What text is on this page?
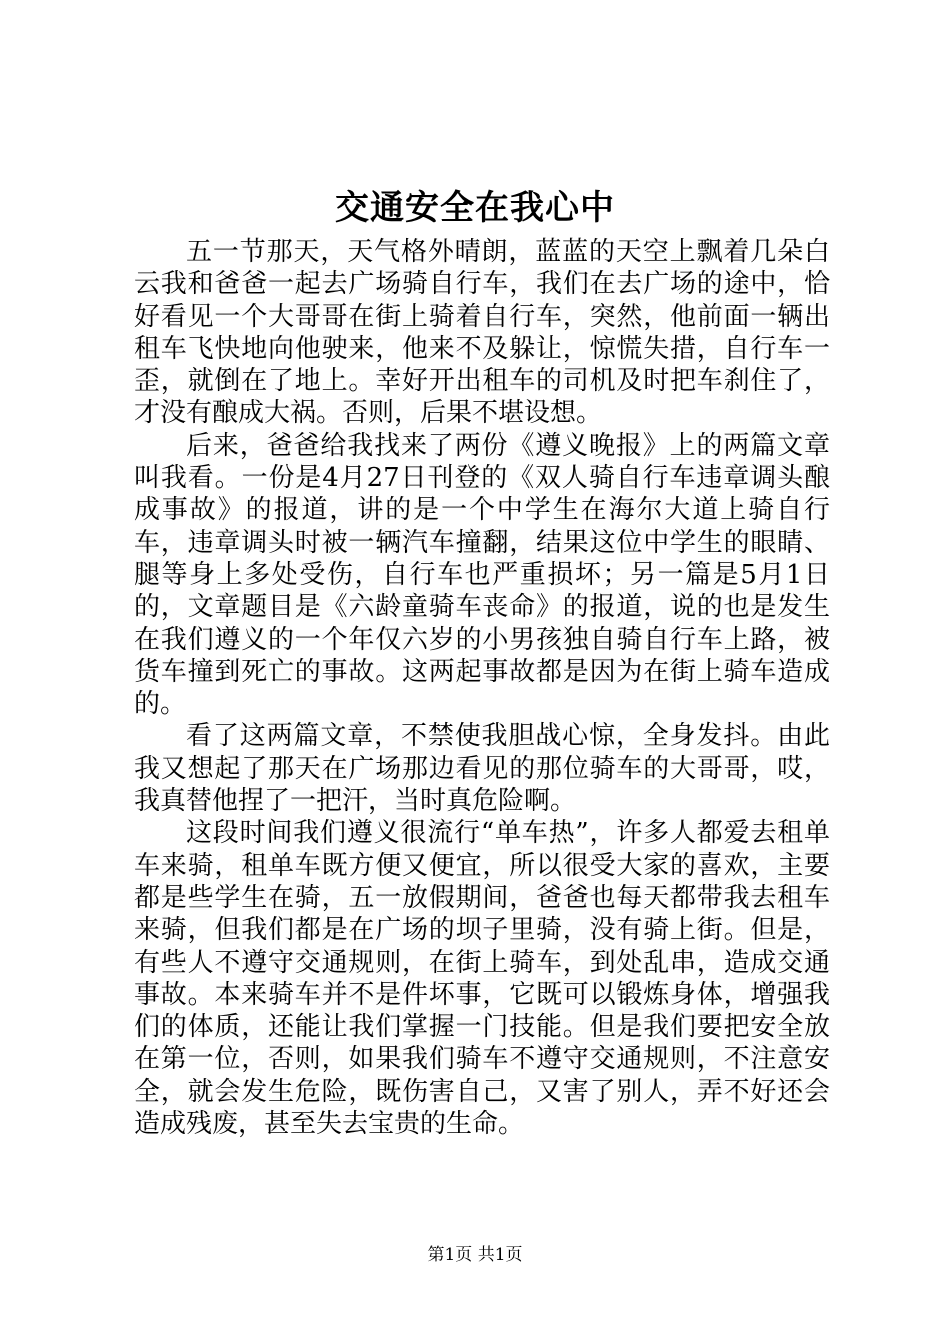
交通安全在我心中

五一节那天，天气格外晴朗，蓝蓝的天空上飘着几朵白云我和爸爸一起去广场骑自行车，我们在去广场的途中，恰好看见一个大哥哥在街上骑着自行车，突然，他前面一辆出租车飞快地向他驶来，他来不及躲让，惊慌失措，自行车一歪，就倒在了地上。幸好开出租车的司机及时把车刹住了，才没有酿成大祸。否则，后果不堪设想。

后来，爸爸给我找来了两份《遵义晚报》上的两篇文章叫我看。一份是4月27日刊登的《双人骑自行车违章调头酿成事故》的报道，讲的是一个中学生在海尔大道上骑自行车，违章调头时被一辆汽车撞翻，结果这位中学生的眼睛、腿等身上多处受伤，自行车也严重损坏；另一篇是5月1日的，文章题目是《六龄童骑车丧命》的报道，说的也是发生在我们遵义的一个年仅六岁的小男孩独自骑自行车上路，被货车撞到死亡的事故。这两起事故都是因为在街上骑车造成的。

看了这两篇文章，不禁使我胆战心惊，全身发抖。由此我又想起了那天在广场那边看见的那位骑车的大哥哥，哎，我真替他捏了一把汗，当时真危险啊。

这段时间我们遵义很流行“单车热”，许多人都爱去租单车来骑，租单车既方便又便宜，所以很受大家的喜欢，主要都是些学生在骑，五一放假期间，爸爸也每天都带我去租车来骑，但我们都是在广场的坝子里骑，没有骑上街。但是，有些人不遵守交通规则，在街上骑车，到处乱串，造成交通事故。本来骑车并不是件坏事，它既可以锻炼身体，增强我们的体质，还能让我们掌握一门技能。但是我们要把安全放在第一位，否则，如果我们骑车不遵守交通规则，不注意安全，就会发生危险，既伤害自己，又害了别人，弄不好还会造成残废，甚至失去宝贵的生命。

第1页 共1页
